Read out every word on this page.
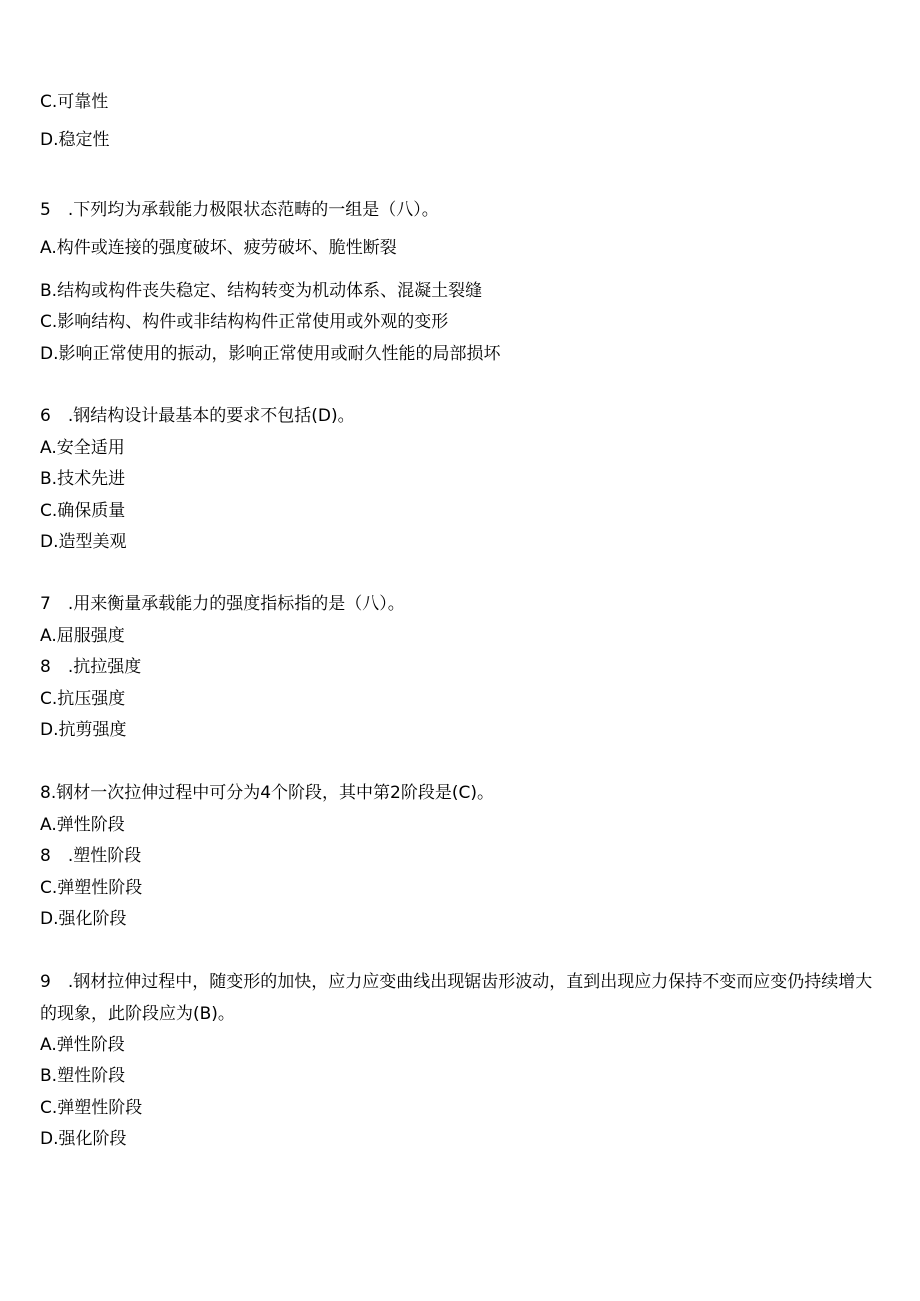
C.可靠性
D.稳定性
5　.下列均为承载能力极限状态范畴的一组是（八）。
A.构件或连接的强度破坏、疲劳破坏、脆性断裂
B.结构或构件丧失稳定、结构转变为机动体系、混凝土裂缝
C.影响结构、构件或非结构构件正常使用或外观的变形
D.影响正常使用的振动，影响正常使用或耐久性能的局部损坏
6　.钢结构设计最基本的要求不包括(D)。
A.安全适用
B.技术先进
C.确保质量
D.造型美观
7　.用来衡量承载能力的强度指标指的是（八）。
A.屈服强度
8　.抗拉强度
C.抗压强度
D.抗剪强度
8.钢材一次拉伸过程中可分为4个阶段，其中第2阶段是(C)。
A.弹性阶段
8　.塑性阶段
C.弹塑性阶段
D.强化阶段
9　.钢材拉伸过程中，随变形的加快，应力应变曲线出现锯齿形波动，直到出现应力保持不变而应变仍持续增大的现象，此阶段应为(B)。
A.弹性阶段
B.塑性阶段
C.弹塑性阶段
D.强化阶段
